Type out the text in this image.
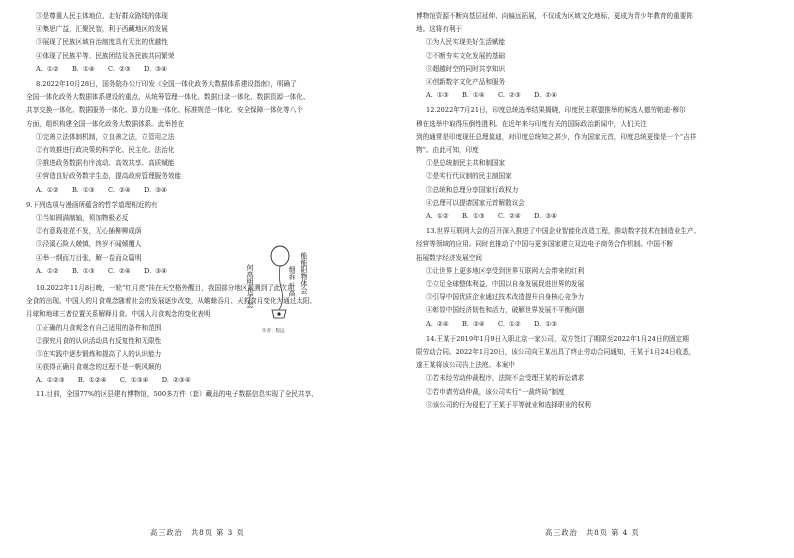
③是尊重人民主体地位、走好群众路线的体现
④集思广益，汇聚民智，利于西藏地区的发展
③展现了民族区域自治制度具有无比的优越性
④体现了民族平等、民族团结及各民族共同繁荣
A. ①②　　B. ①④　　C. ②③　　D. ③④
8.2022年10月28日，国务院办公厅印发《全国一体化政务大数据体系建设指南》，明确了
全国一体化政务大数据体系建设的重点，从统筹管理一体化、数据目录一体化、数据资源一体化、
共享交换一体化、数据服务一体化、算力设施一体化、标准规范一体化、安全保障一体化等八个
方面，组织构建全国一体化政务大数据体系。此举旨在
①完善立法体制机制，立良善之法，立管用之法
②有效推进行政决策的科学化、民主化、法治化
③推进政务数据有序流动、高效共享、高质赋能
④营造良好政务数字生态，提高政府管理服务效能
A. ①②　　B. ①③　　C. ②④　　D. ③④
9.下列选项与漫画所蕴含的哲学道理相近的有
①当如圆满制轴，须加物极必反
②有意栽花花不发，无心插柳柳成荫
③泾溪石险人兢慎，终岁不闻倾覆人
④举一纲而万目张，解一卷而众篇明
A. ①②　　B. ①③　　C. ②④　　D. ③④
10.2022年11月8日晚，一轮“红月亮”挂在天空格外醒目，我国部分地区观测到了此次月
全食的出现。中国人的月食观念随着社会的发展逐步改变，从蟾蜍吞月、天狗食月变化为通过太阳、
月球和地球三者位置关系解释月食。中国人月食观念的变化表明
①正确的月食观念有自己适用的条件和范围
②探究月食的认识活动具有反复性和无限性
③在实践中逐步锻炼和提高了人的认识能力
④获得正确月食观念的过程不是一帆风顺的
A. ①②③　　B. ①②④　　C. ①③④　　D. ②③④
11.目前，全国77%的区县建有博物馆，500多万件（套）藏品的电子数据信息实现了全民共享，
能能阳物体会
烟诉 升高
何高明 也不怎
作者：程远
博物馆资源不断向基层延伸、向偏远拓展，不仅成为区域文化地标，更成为青少年教育的重要阵
地。这将有利于
①为人民实现美好生活赋能
②不断夯实文化发展的基础
③超越时空的同时共享知识
④创新数字文化产品和服务
A. ①③　　B. ①④　　C. ②③　　D. ②④
12.2022年7月21日，印度总统选举结果揭晓，印度民主联盟推举的候选人德劳帕迪·穆尔
穆在选举中取得压倒性胜利。在近年来与印度有关的国际政治新闻中，人们关注
到的通常是印度现任总理莫迪，对印度总统知之甚少，作为国家元首，印度总统更像是一个“吉祥
物”。由此可知，印度
①是总统制民主共和制国家
②是实行代议制的民主制国家
③总统和总理分享国家行政权力
④总理可以提请国家元首解散议会
A. ①②　　B. ①③　　C. ②④　　D. ③④
13.世界互联网大会的召开深入推进了中国企业智能化改造工程，推动数字技术在制造业生产、
经营等领域的应用。同时也推动了中国与更多国家建立双边电子商务合作机制。中国不断
拓展数字经济发展空间
①让世界上更多地区享受到世界互联网大会带来的红利
②立足全球整体利益，中国以自身发展促进世界的发展
③引导中国优质企业通过技术改造提升自身核心竞争力
④彰显中国经济韧性和活力，破解世界发展不平衡问题
A. ②④　　B. ③④　　C. ①②　　D. ①③
14.王某于2019年1月9日入职北京一家公司，双方签订了期限至2022年1月24日的固定期
限劳动合同。2022年1月20日，该公司向王某出具了终止劳动合同通知，王某于1月24日收悉，
遂王某将该公司告上法庭。本案中
①若未经劳动仲裁程序，法院不会受理王某的诉讼请求
②若申请劳动仲裁，该公司实行“一裁终局”制度
③该公司的行为侵犯了王某于平等就业和选择职业的权利
高三政治　共8页 第 3 页	高三政治　共8页 第 4 页
